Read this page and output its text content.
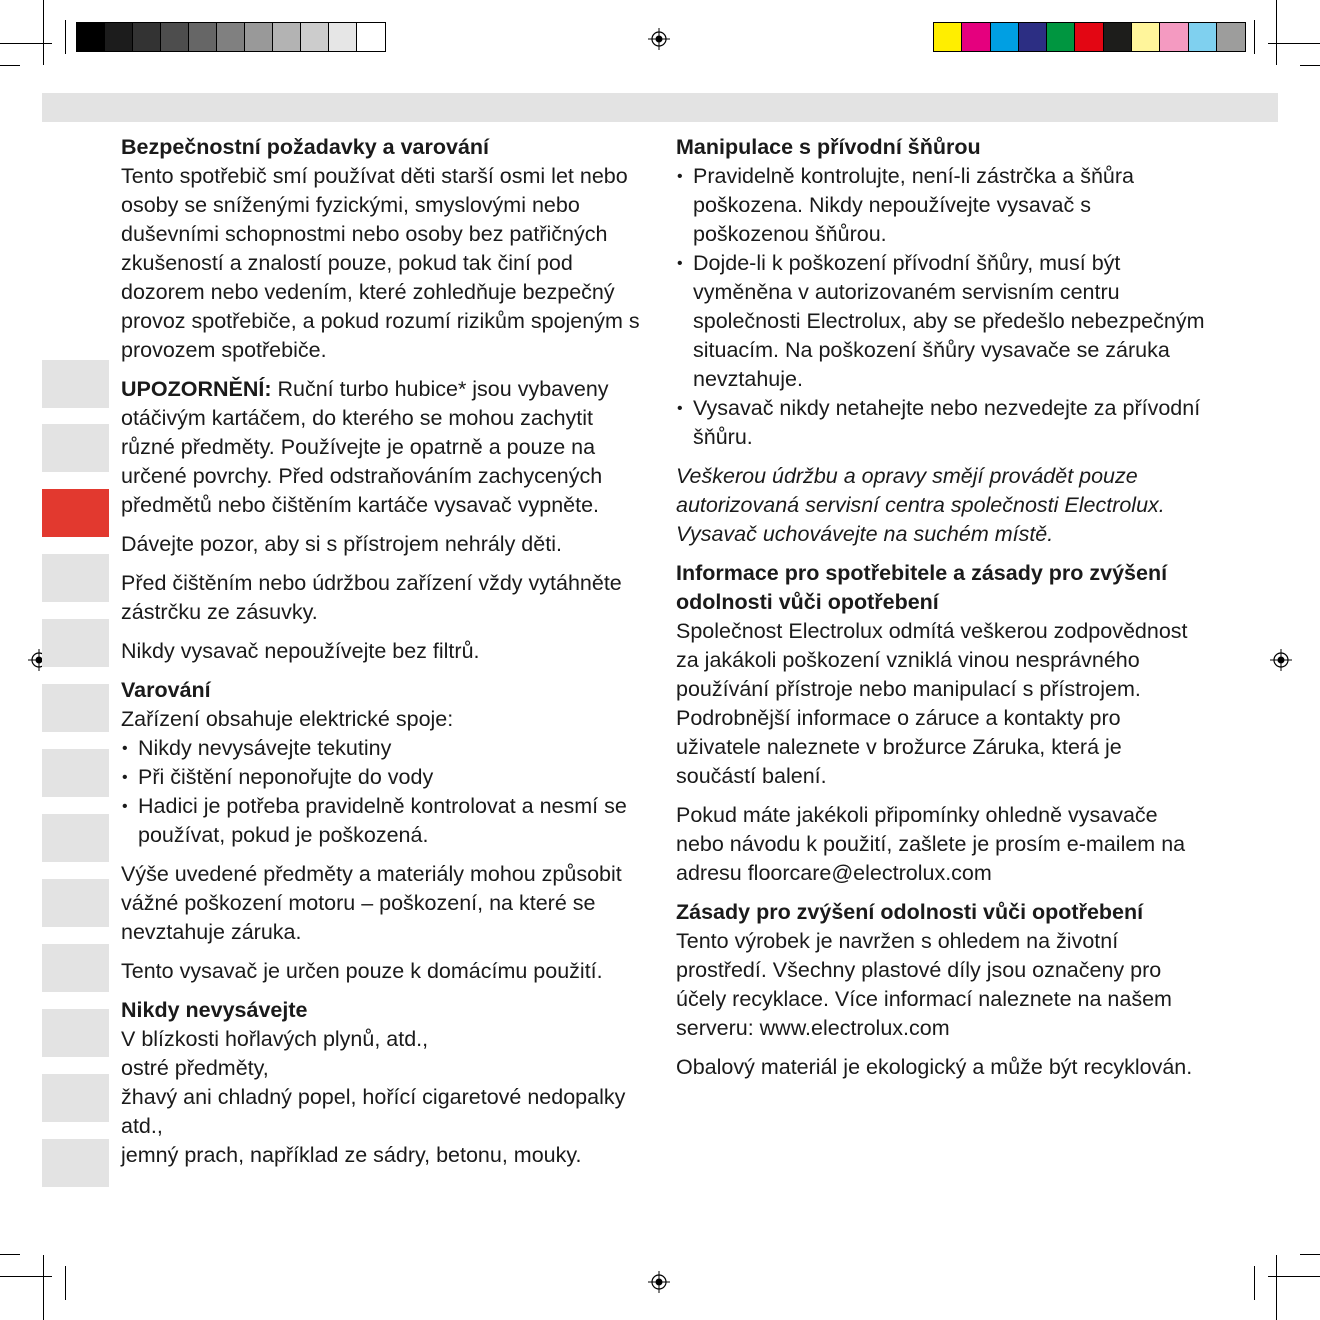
Bezpečnostní požadavky a varování

Tento spotřebič smí používat děti starší osmi let nebo osoby se sníženými fyzickými, smyslovými nebo duševními schopnostmi nebo osoby bez patřičných zkušeností a znalostí pouze, pokud tak činí pod dozorem nebo vedením, které zohledňuje bezpečný provoz spotřebiče, a pokud rozumí rizikům spojeným s provozem spotřebiče.

UPOZORNĚNÍ: Ruční turbo hubice* jsou vybaveny otáčivým kartáčem, do kterého se mohou zachytit různé předměty. Používejte je opatrně a pouze na určené povrchy. Před odstraňováním zachycených předmětů nebo čištěním kartáče vysavač vypněte.

Dávejte pozor, aby si s přístrojem nehrály děti.

Před čištěním nebo údržbou zařízení vždy vytáhněte zástrčku ze zásuvky.

Nikdy vysavač nepoužívejte bez filtrů.

Varování
Zařízení obsahuje elektrické spoje:
• Nikdy nevysávejte tekutiny
• Při čištění neponořujte do vody
• Hadici je potřeba pravidelně kontrolovat a nesmí se používat, pokud je poškozená.

Výše uvedené předměty a materiály mohou způsobit vážné poškození motoru – poškození, na které se nevztahuje záruka.

Tento vysavač je určen pouze k domácímu použití.

Nikdy nevysávejte
V blízkosti hořlavých plynů, atd.,
ostré předměty,
žhavý ani chladný popel, hořící cigaretové nedopalky atd.,
jemný prach, například ze sádry, betonu, mouky.
Manipulace s přívodní šňůrou
• Pravidelně kontrolujte, není-li zástrčka a šňůra poškozena. Nikdy nepoužívejte vysavač s poškozenou šňůrou.
• Dojde-li k poškození přívodní šňůry, musí být vyměněna v autorizovaném servisním centru společnosti Electrolux, aby se předešlo nebezpečným situacím. Na poškození šňůry vysavače se záruka nevztahuje.
• Vysavač nikdy netahejte nebo nezvedejte za přívodní šňůru.

Veškerou údržbu a opravy smějí provádět pouze autorizovaná servisní centra společnosti Electrolux. Vysavač uchovávejte na suchém místě.

Informace pro spotřebitele a zásady pro zvýšení odolnosti vůči opotřebení

Společnost Electrolux odmítá veškerou zodpovědnost za jakákoli poškození vzniklá vinou nesprávného používání přístroje nebo manipulací s přístrojem. Podrobnější informace o záruce a kontakty pro uživatele naleznete v brožurce Záruka, která je součástí balení.

Pokud máte jakékoli připomínky ohledně vysavače nebo návodu k použití, zašlete je prosím e-mailem na adresu floorcare@electrolux.com

Zásady pro zvýšení odolnosti vůči opotřebení

Tento výrobek je navržen s ohledem na životní prostředí. Všechny plastové díly jsou označeny pro účely recyklace. Více informací naleznete na našem serveru: www.electrolux.com

Obalový materiál je ekologický a může být recyklován.
